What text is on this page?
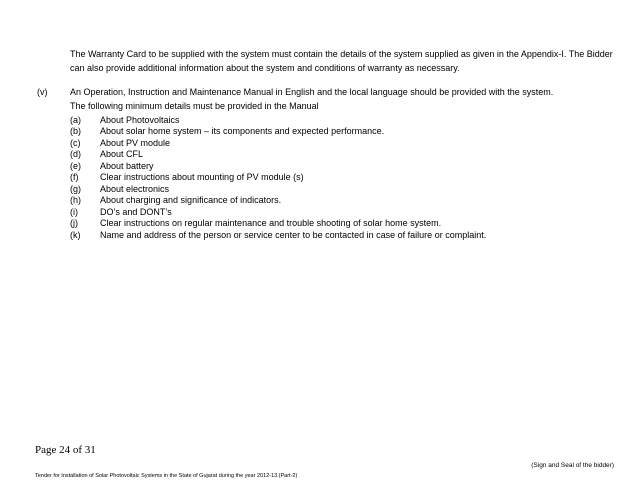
The Warranty Card to be supplied with the system must contain the details of the system supplied as given in the Appendix-I. The Bidder
can also provide additional information about the system and conditions of warranty as necessary.
(v)	An Operation, Instruction and Maintenance Manual in English and the local language should be provided with the system.
The following minimum details must be provided in the Manual
(a)	About Photovoltaics
(b)	About solar home system – its components and expected performance.
(c)	About PV module
(d)	About CFL
(e)	About battery
(f)	Clear instructions about mounting of PV module (s)
(g)	About electronics
(h)	About charging and significance of indicators.
(i)	DO’s and DONT’s
(j)	Clear instructions on regular maintenance and trouble shooting of solar home system.
(k)	Name and address of the person or service center to be contacted in case of failure or complaint.
Page 24 of 31
(Sign and Seal of the bidder)
Tender for Installation of Solar Photovoltaic Systems in the State of Gujarat during the year 2012-13.(Part-2)
